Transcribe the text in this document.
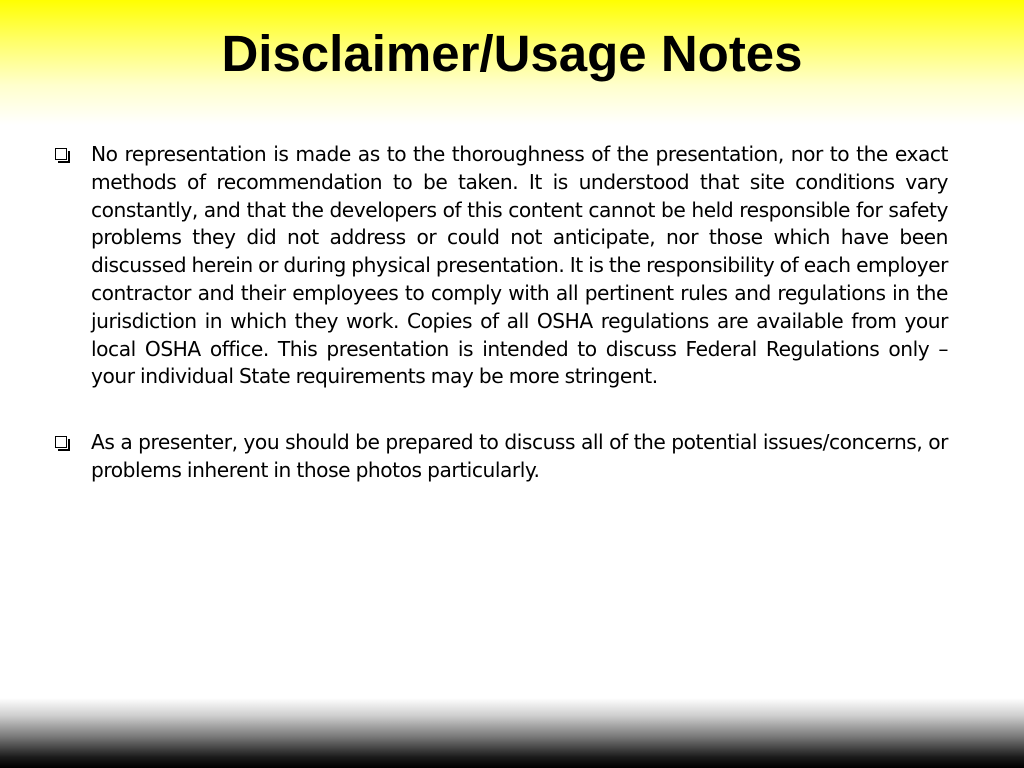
Disclaimer/Usage Notes
No representation is made as to the thoroughness of the presentation, nor to the exact methods of recommendation to be taken. It is understood that site conditions vary constantly, and that the developers of this content cannot be held responsible for safety problems they did not address or could not anticipate, nor those which have been discussed herein or during physical presentation. It is the responsibility of each employer contractor and their employees to comply with all pertinent rules and regulations in the jurisdiction in which they work. Copies of all OSHA regulations are available from your local OSHA office. This presentation is intended to discuss Federal Regulations only – your individual State requirements may be more stringent.
As a presenter, you should be prepared to discuss all of the potential issues/concerns, or problems inherent in those photos particularly.
